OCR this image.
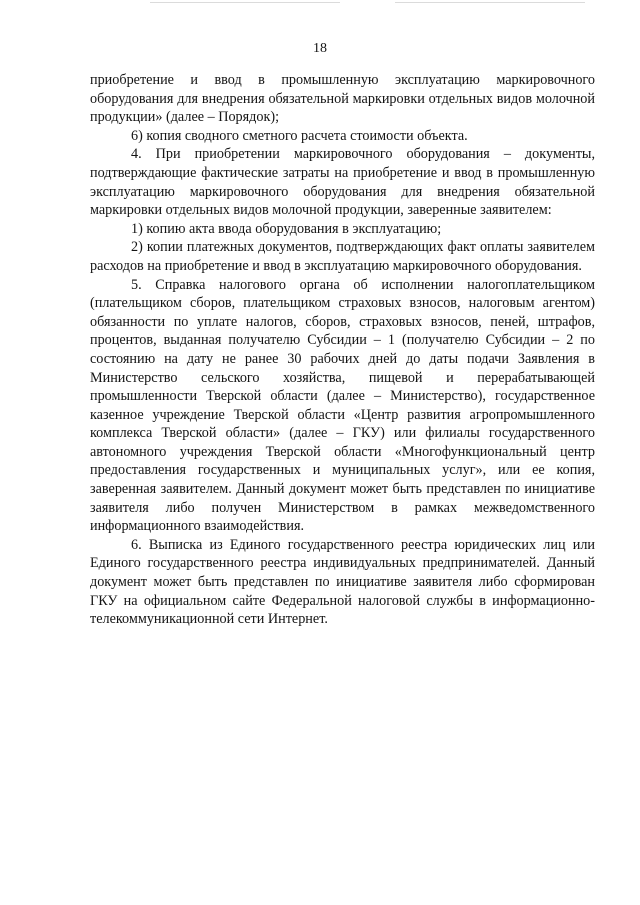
18

приобретение и ввод в промышленную эксплуатацию маркировочного оборудования для внедрения обязательной маркировки отдельных видов молочной продукции» (далее – Порядок);

6) копия сводного сметного расчета стоимости объекта.

4. При приобретении маркировочного оборудования – документы, подтверждающие фактические затраты на приобретение и ввод в промышленную эксплуатацию маркировочного оборудования для внедрения обязательной маркировки отдельных видов молочной продукции, заверенные заявителем:

1) копию акта ввода оборудования в эксплуатацию;

2) копии платежных документов, подтверждающих факт оплаты заявителем расходов на приобретение и ввод в эксплуатацию маркировочного оборудования.

5. Справка налогового органа об исполнении налогоплательщиком (плательщиком сборов, плательщиком страховых взносов, налоговым агентом) обязанности по уплате налогов, сборов, страховых взносов, пеней, штрафов, процентов, выданная получателю Субсидии – 1 (получателю Субсидии – 2 по состоянию на дату не ранее 30 рабочих дней до даты подачи Заявления в Министерство сельского хозяйства, пищевой и перерабатывающей промышленности Тверской области (далее – Министерство), государственное казенное учреждение Тверской области «Центр развития агропромышленного комплекса Тверской области» (далее – ГКУ) или филиалы государственного автономного учреждения Тверской области «Многофункциональный центр предоставления государственных и муниципальных услуг», или ее копия, заверенная заявителем. Данный документ может быть представлен по инициативе заявителя либо получен Министерством в рамках межведомственного информационного взаимодействия.

6. Выписка из Единого государственного реестра юридических лиц или Единого государственного реестра индивидуальных предпринимателей. Данный документ может быть представлен по инициативе заявителя либо сформирован ГКУ на официальном сайте Федеральной налоговой службы в информационно-телекоммуникационной сети Интернет.
